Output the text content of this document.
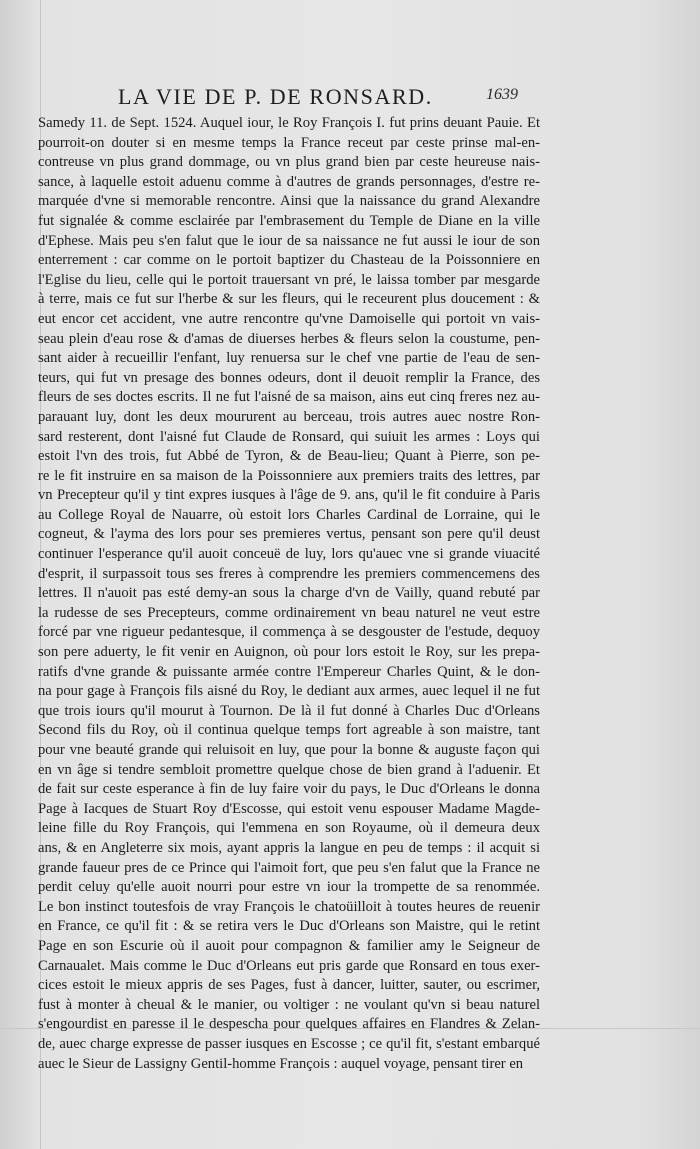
LA VIE DE P. DE RONSARD.	1639
Samedy 11. de Sept. 1524. Auquel iour, le Roy François I. fut prins deuant Pauie. Et
pourroit-on douter si en mesme temps la France receut par ceste prinse mal-en-
contreuse vn plus grand dommage, ou vn plus grand bien par ceste heureuse nais-
sance, à laquelle estoit aduenu comme à d'autres de grands personnages, d'estre re-
marquée d'vne si memorable rencontre. Ainsi que la naissance du grand Alexandre
fut signalée & comme esclairée par l'embrasement du Temple de Diane en la ville
d'Ephese. Mais peu s'en falut que le iour de sa naissance ne fut aussi le iour de son
enterrement : car comme on le portoit baptizer du Chasteau de la Poissonniere en
l'Eglise du lieu, celle qui le portoit trauersant vn pré, le laissa tomber par mesgarde
à terre, mais ce fut sur l'herbe & sur les fleurs, qui le receurent plus doucement : &
eut encor cet accident, vne autre rencontre qu'vne Damoiselle qui portoit vn vais-
seau plein d'eau rose & d'amas de diuerses herbes & fleurs selon la coustume, pen-
sant aider à recueillir l'enfant, luy renuersa sur le chef vne partie de l'eau de sen-
teurs, qui fut vn presage des bonnes odeurs, dont il deuoit remplir la France, des
fleurs de ses doctes escrits. Il ne fut l'aisné de sa maison, ains eut cinq freres nez au-
parauant luy, dont les deux moururent au berceau, trois autres auec nostre Ron-
sard resterent, dont l'aisné fut Claude de Ronsard, qui suiuit les armes : Loys qui
estoit l'vn des trois, fut Abbé de Tyron, & de Beau-lieu; Quant à Pierre, son pe-
re le fit instruire en sa maison de la Poissonniere aux premiers traits des lettres, par
vn Precepteur qu'il y tint expres iusques à l'âge de 9. ans, qu'il le fit conduire à Paris
au College Royal de Nauarre, où estoit lors Charles Cardinal de Lorraine, qui le
cogneut, & l'ayma des lors pour ses premieres vertus, pensant son pere qu'il deust
continuer l'esperance qu'il auoit conceuë de luy, lors qu'auec vne si grande viuacité
d'esprit, il surpassoit tous ses freres à comprendre les premiers commencemens des
lettres. Il n'auoit pas esté demy-an sous la charge d'vn de Vailly, quand rebuté par
la rudesse de ses Precepteurs, comme ordinairement vn beau naturel ne veut estre
forcé par vne rigueur pedantesque, il commença à se desgouster de l'estude, dequoy
son pere aduerty, le fit venir en Auignon, où pour lors estoit le Roy, sur les prepa-
ratifs d'vne grande & puissante armée contre l'Empereur Charles Quint, & le don-
na pour gage à François fils aisné du Roy, le dediant aux armes, auec lequel il ne fut
que trois iours qu'il mourut à Tournon. De là il fut donné à Charles Duc d'Orleans
Second fils du Roy, où il continua quelque temps fort agreable à son maistre, tant
pour vne beauté grande qui reluisoit en luy, que pour la bonne & auguste façon qui
en vn âge si tendre sembloit promettre quelque chose de bien grand à l'aduenir. Et
de fait sur ceste esperance à fin de luy faire voir du pays, le Duc d'Orleans le donna
Page à Iacques de Stuart Roy d'Escosse, qui estoit venu espouser Madame Magde-
leine fille du Roy François, qui l'emmena en son Royaume, où il demeura deux
ans, & en Angleterre six mois, ayant appris la langue en peu de temps : il acquit si
grande faueur pres de ce Prince qui l'aimoit fort, que peu s'en falut que la France ne
perdit celuy qu'elle auoit nourri pour estre vn iour la trompette de sa renommée.
Le bon instinct toutesfois de vray François le chatoüilloit à toutes heures de reuenir
en France, ce qu'il fit : & se retira vers le Duc d'Orleans son Maistre, qui le retint
Page en son Escurie où il auoit pour compagnon & familier amy le Seigneur de
Carnaualet. Mais comme le Duc d'Orleans eut pris garde que Ronsard en tous exer-
cices estoit le mieux appris de ses Pages, fust à dancer, luitter, sauter, ou escrimer,
fust à monter à cheual & le manier, ou voltiger : ne voulant qu'vn si beau naturel
s'engourdist en paresse il le despescha pour quelques affaires en Flandres & Zelan-
de, auec charge expresse de passer iusques en Escosse ; ce qu'il fit, s'estant embarqué
auec le Sieur de Lassigny Gentil-homme François : auquel voyage, pensant tirer en
